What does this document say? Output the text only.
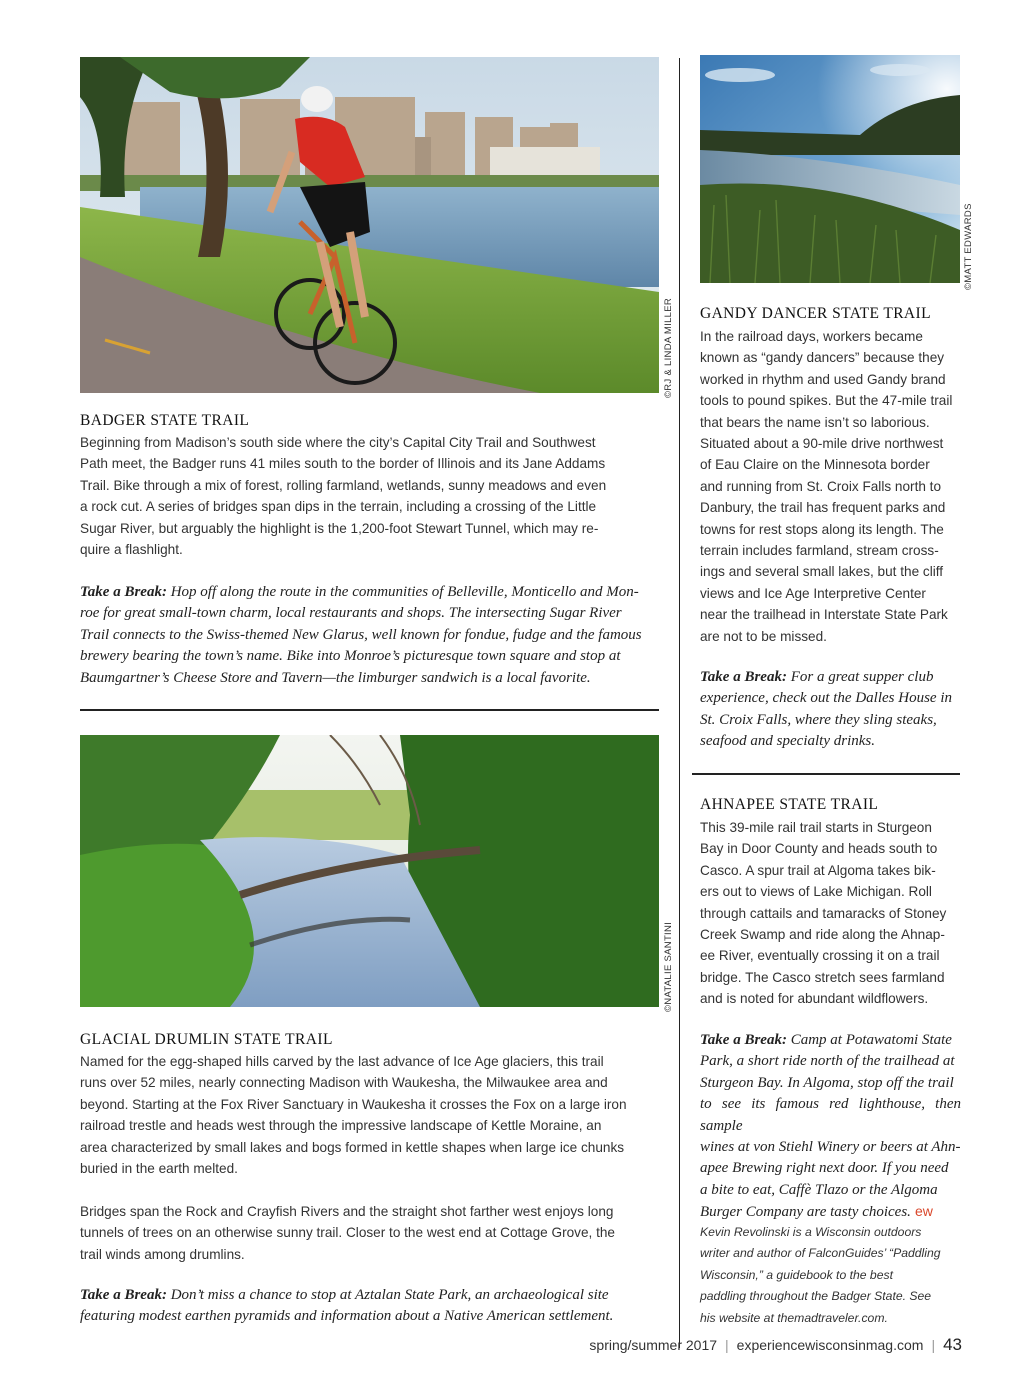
©RJ & LINDA MILLER
©MATT EDWARDS
©NATALIE SANTINI
BADGER STATE TRAIL
Beginning from Madison’s south side where the city’s Capital City Trail and Southwest
Path meet, the Badger runs 41 miles south to the border of Illinois and its Jane Addams
Trail. Bike through a mix of forest, rolling farmland, wetlands, sunny meadows and even
a rock cut. A series of bridges span dips in the terrain, including a crossing of the Little
Sugar River, but arguably the highlight is the 1,200-foot Stewart Tunnel, which may re-
quire a flashlight.
Take a Break: Hop off along the route in the communities of Belleville, Monticello and Mon-
roe for great small-town charm, local restaurants and shops. The intersecting Sugar River
Trail connects to the Swiss-themed New Glarus, well known for fondue, fudge and the famous
brewery bearing the town’s name. Bike into Monroe’s picturesque town square and stop at
Baumgartner’s Cheese Store and Tavern—the limburger sandwich is a local favorite.
GLACIAL DRUMLIN STATE TRAIL
Named for the egg-shaped hills carved by the last advance of Ice Age glaciers, this trail
runs over 52 miles, nearly connecting Madison with Waukesha, the Milwaukee area and
beyond. Starting at the Fox River Sanctuary in Waukesha it crosses the Fox on a large iron
railroad trestle and heads west through the impressive landscape of Kettle Moraine, an
area characterized by small lakes and bogs formed in kettle shapes when large ice chunks
buried in the earth melted.
Bridges span the Rock and Crayfish Rivers and the straight shot farther west enjoys long
tunnels of trees on an otherwise sunny trail. Closer to the west end at Cottage Grove, the
trail winds among drumlins.
Take a Break: Don’t miss a chance to stop at Aztalan State Park, an archaeological site
featuring modest earthen pyramids and information about a Native American settlement.
GANDY DANCER STATE TRAIL
In the railroad days, workers became
known as “gandy dancers” because they
worked in rhythm and used Gandy brand
tools to pound spikes. But the 47-mile trail
that bears the name isn’t so laborious.
Situated about a 90-mile drive northwest
of Eau Claire on the Minnesota border
and running from St. Croix Falls north to
Danbury, the trail has frequent parks and
towns for rest stops along its length. The
terrain includes farmland, stream cross-
ings and several small lakes, but the cliff
views and Ice Age Interpretive Center
near the trailhead in Interstate State Park
are not to be missed.
Take a Break: For a great supper club
experience, check out the Dalles House in
St. Croix Falls, where they sling steaks,
seafood and specialty drinks.
AHNAPEE STATE TRAIL
This 39-mile rail trail starts in Sturgeon
Bay in Door County and heads south to
Casco. A spur trail at Algoma takes bik-
ers out to views of Lake Michigan. Roll
through cattails and tamaracks of Stoney
Creek Swamp and ride along the Ahnap-
ee River, eventually crossing it on a trail
bridge. The Casco stretch sees farmland
and is noted for abundant wildflowers.
Take a Break: Camp at Potawatomi State
Park, a short ride north of the trailhead at
Sturgeon Bay. In Algoma, stop off the trail
to see its famous red lighthouse, then sample
wines at von Stiehl Winery or beers at Ahn-
apee Brewing right next door. If you need
a bite to eat, Caffè Tlazo or the Algoma
Burger Company are tasty choices. ew
Kevin Revolinski is a Wisconsin outdoors
writer and author of FalconGuides’ “Paddling
Wisconsin,” a guidebook to the best
paddling throughout the Badger State. See
his website at themadtraveler.com.
spring/summer 2017 | experiencewisconsinmag.com | 43
